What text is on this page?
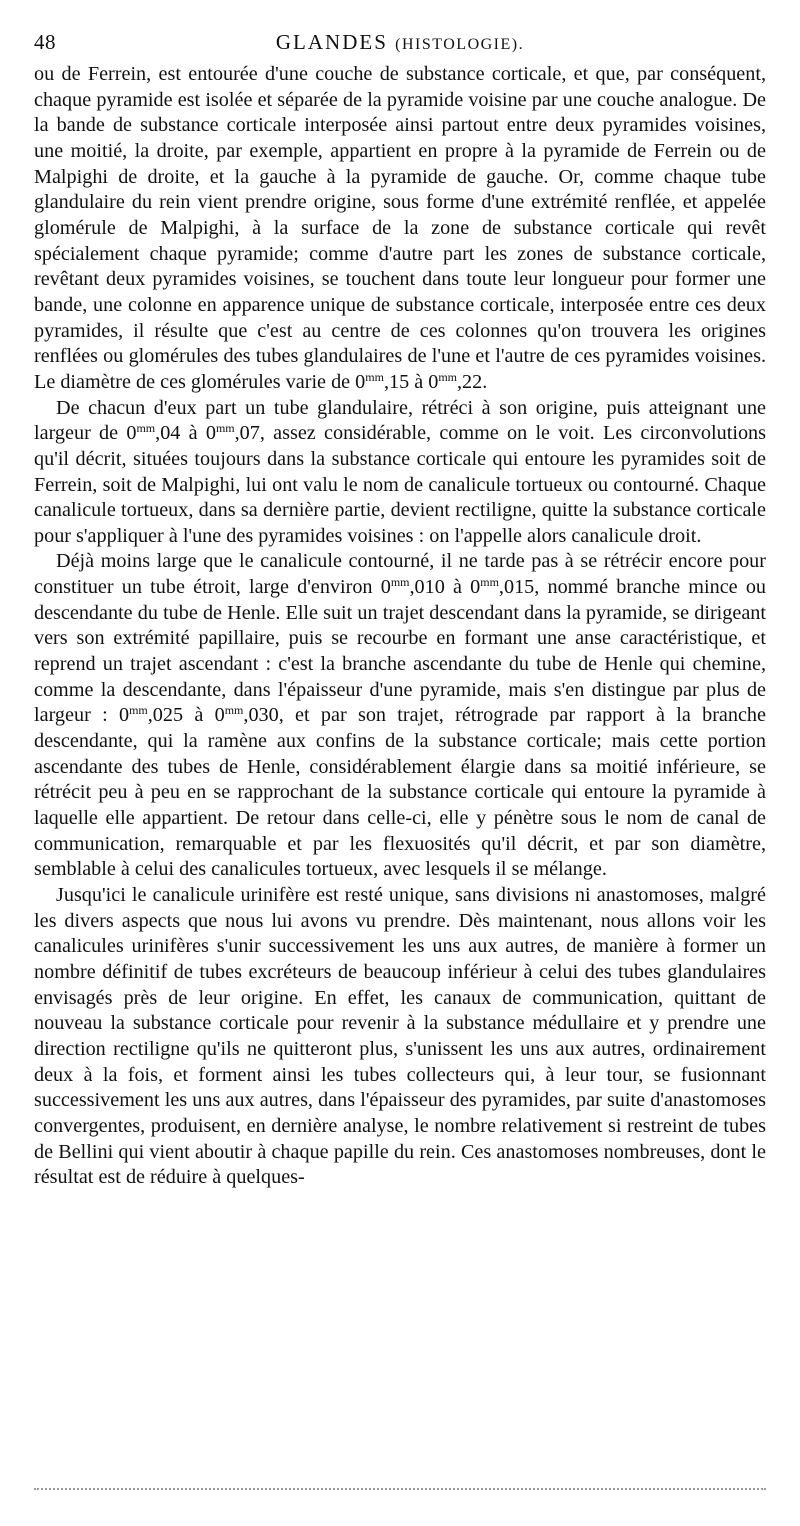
48	GLANDES (HISTOLOGIE).

ou de Ferrein, est entourée d'une couche de substance corticale, et que, par conséquent, chaque pyramide est isolée et séparée de la pyramide voisine par une couche analogue. De la bande de substance corticale interposée ainsi partout entre deux pyramides voisines, une moitié, la droite, par exemple, appartient en propre à la pyramide de Ferrein ou de Malpighi de droite, et la gauche à la pyramide de gauche. Or, comme chaque tube glandulaire du rein vient prendre origine, sous forme d'une extrémité renflée, et appelée glomérule de Malpighi, à la surface de la zone de substance corticale qui revêt spécialement chaque pyramide; comme d'autre part les zones de substance corticale, revêtant deux pyramides voisines, se touchent dans toute leur longueur pour former une bande, une colonne en apparence unique de substance corticale, interposée entre ces deux pyramides, il résulte que c'est au centre de ces colonnes qu'on trouvera les origines renflées ou glomérules des tubes glandulaires de l'une et l'autre de ces pyramides voisines. Le diamètre de ces glomérules varie de $0^{mm},15$ à $0^{mm},22$.

De chacun d'eux part un tube glandulaire, rétréci à son origine, puis atteignant une largeur de $0^{mm},04$ à $0^{mm},07$, assez considérable, comme on le voit. Les circonvolutions qu'il décrit, situées toujours dans la substance corticale qui entoure les pyramides soit de Ferrein, soit de Malpighi, lui ont valu le nom de canalicule tortueux ou contourné. Chaque canalicule tortueux, dans sa dernière partie, devient rectiligne, quitte la substance corticale pour s'appliquer à l'une des pyramides voisines : on l'appelle alors canalicule droit.

Déjà moins large que le canalicule contourné, il ne tarde pas à se rétrécir encore pour constituer un tube étroit, large d'environ $0^{mm},010$ à $0^{mm},015$, nommé branche mince ou descendante du tube de Henle. Elle suit un trajet descendant dans la pyramide, se dirigeant vers son extrémité papillaire, puis se recourbe en formant une anse caractéristique, et reprend un trajet ascendant : c'est la branche ascendante du tube de Henle qui chemine, comme la descendante, dans l'épaisseur d'une pyramide, mais s'en distingue par plus de largeur : $0^{mm},025$ à $0^{mm},030$, et par son trajet, rétrograde par rapport à la branche descendante, qui la ramène aux confins de la substance corticale; mais cette portion ascendante des tubes de Henle, considérablement élargie dans sa moitié inférieure, se rétrécit peu à peu en se rapprochant de la substance corticale qui entoure la pyramide à laquelle elle appartient. De retour dans celle-ci, elle y pénètre sous le nom de canal de communication, remarquable et par les flexuosités qu'il décrit, et par son diamètre, semblable à celui des canalicules tortueux, avec lesquels il se mélange.

Jusqu'ici le canalicule urinifère est resté unique, sans divisions ni anastomoses, malgré les divers aspects que nous lui avons vu prendre. Dès maintenant, nous allons voir les canalicules urinifères s'unir successivement les uns aux autres, de manière à former un nombre définitif de tubes excréteurs de beaucoup inférieur à celui des tubes glandulaires envisagés près de leur origine. En effet, les canaux de communication, quittant de nouveau la substance corticale pour revenir à la substance médullaire et y prendre une direction rectiligne qu'ils ne quitteront plus, s'unissent les uns aux autres, ordinairement deux à la fois, et forment ainsi les tubes collecteurs qui, à leur tour, se fusionnant successivement les uns aux autres, dans l'épaisseur des pyramides, par suite d'anastomoses convergentes, produisent, en dernière analyse, le nombre relativement si restreint de tubes de Bellini qui vient aboutir à chaque papille du rein. Ces anastomoses nombreuses, dont le résultat est de réduire à quelques-
